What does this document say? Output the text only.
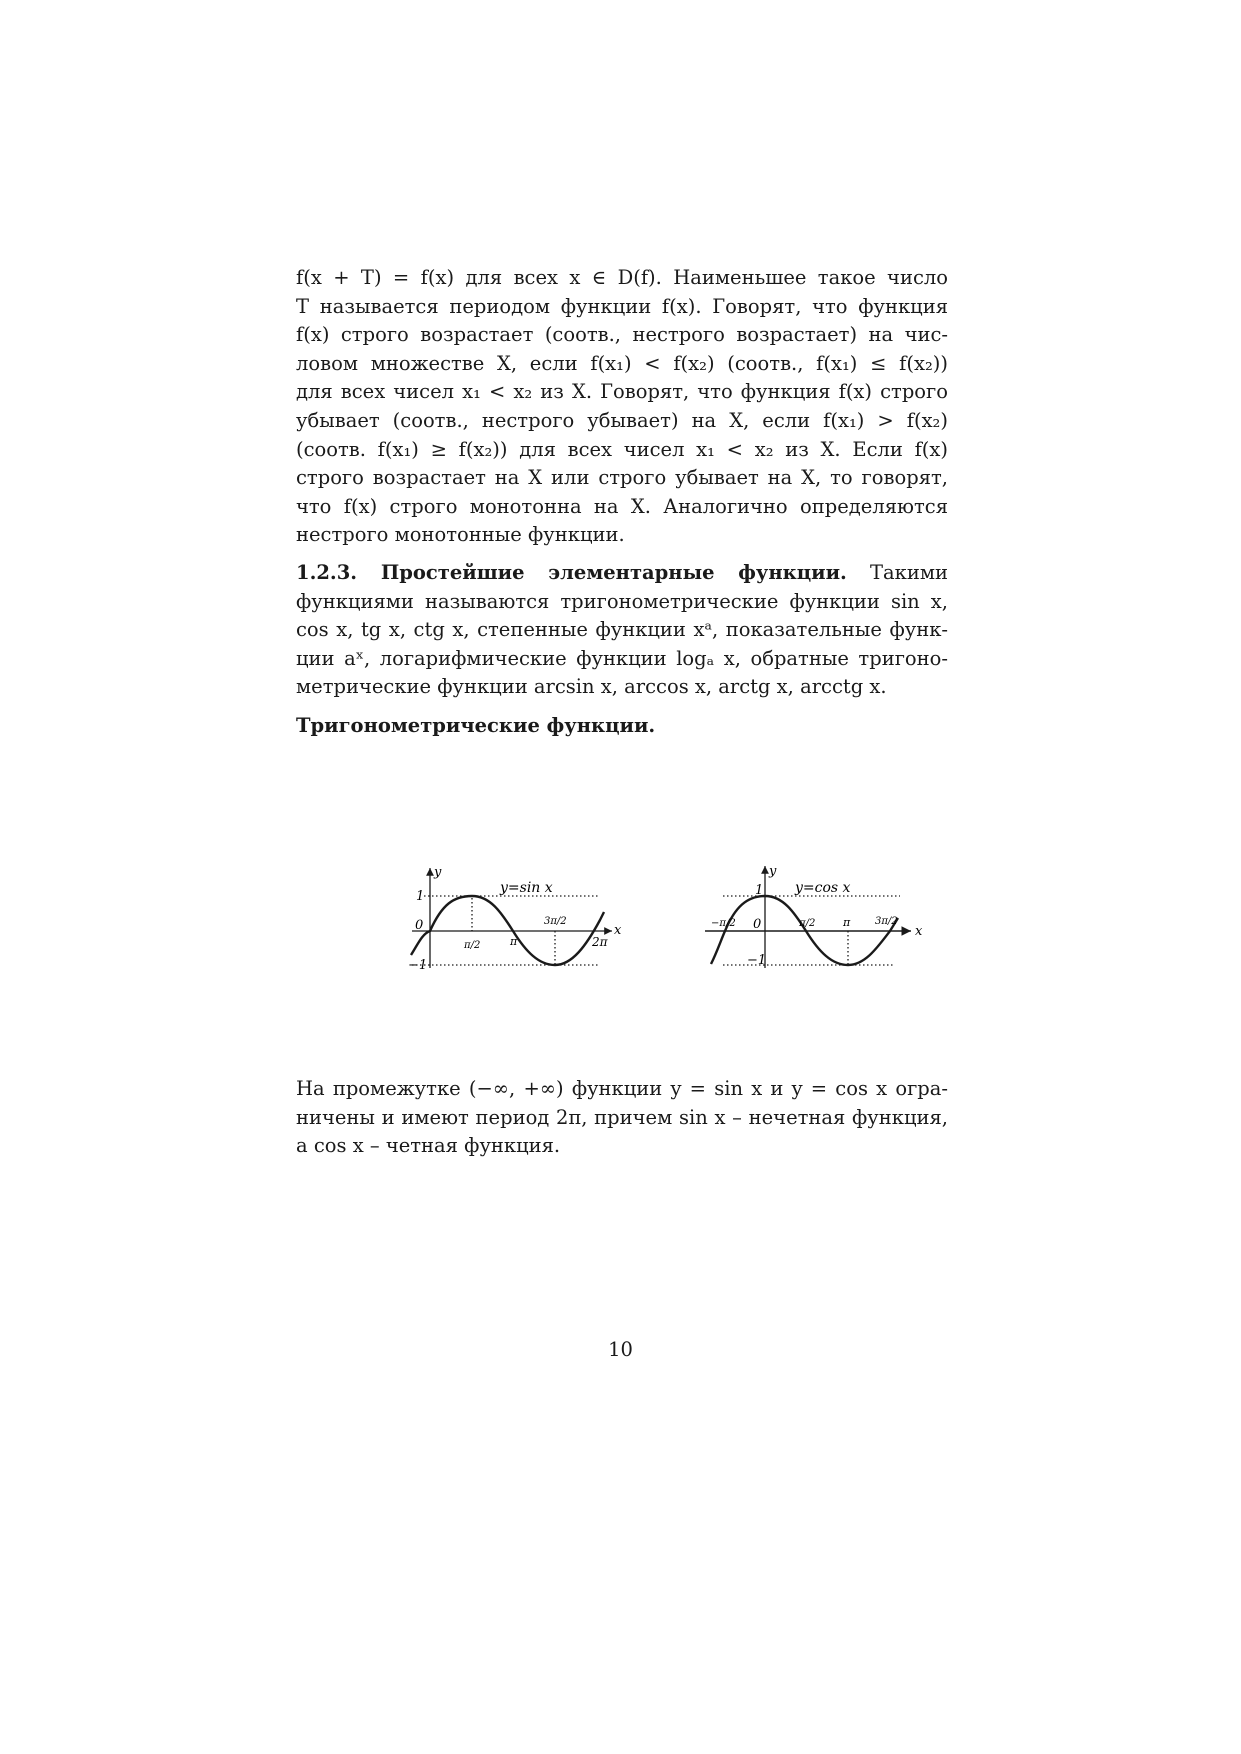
f(x + T) = f(x) для всех x ∈ D(f). Наименьшее такое число
T называется периодом функции f(x). Говорят, что функция
f(x) строго возрастает (соотв., нестрого возрастает) на чис-
ловом множестве X, если f(x₁) < f(x₂) (соотв., f(x₁) ≤ f(x₂))
для всех чисел x₁ < x₂ из X. Говорят, что функция f(x) строго
убывает (соотв., нестрого убывает) на X, если f(x₁) > f(x₂)
(соотв. f(x₁) ≥ f(x₂)) для всех чисел x₁ < x₂ из X. Если f(x)
строго возрастает на X или строго убывает на X, то говорят,
что f(x) строго монотонна на X. Аналогично определяются
нестрого монотонные функции.
1.2.3. Простейшие элементарные функции. Такими
функциями называются тригонометрические функции sin x,
cos x, tg x, ctg x, степенные функции xᵃ, показательные функ-
ции aˣ, логарифмические функции logₐ x, обратные тригоно-
метрические функции arcsin x, arccos x, arctg x, arcctg x.
Тригонометрические функции.
y
x
y=sin x
1
0
−1
π/2	π
3π/2
2π
y
x
y=cos x
1
0
−1
−π/2	π/2	π 3π/2
На промежутке (−∞, +∞) функции y = sin x и y = cos x огра-
ничены и имеют период 2π, причем sin x – нечетная функция,
а cos x – четная функция.
10
